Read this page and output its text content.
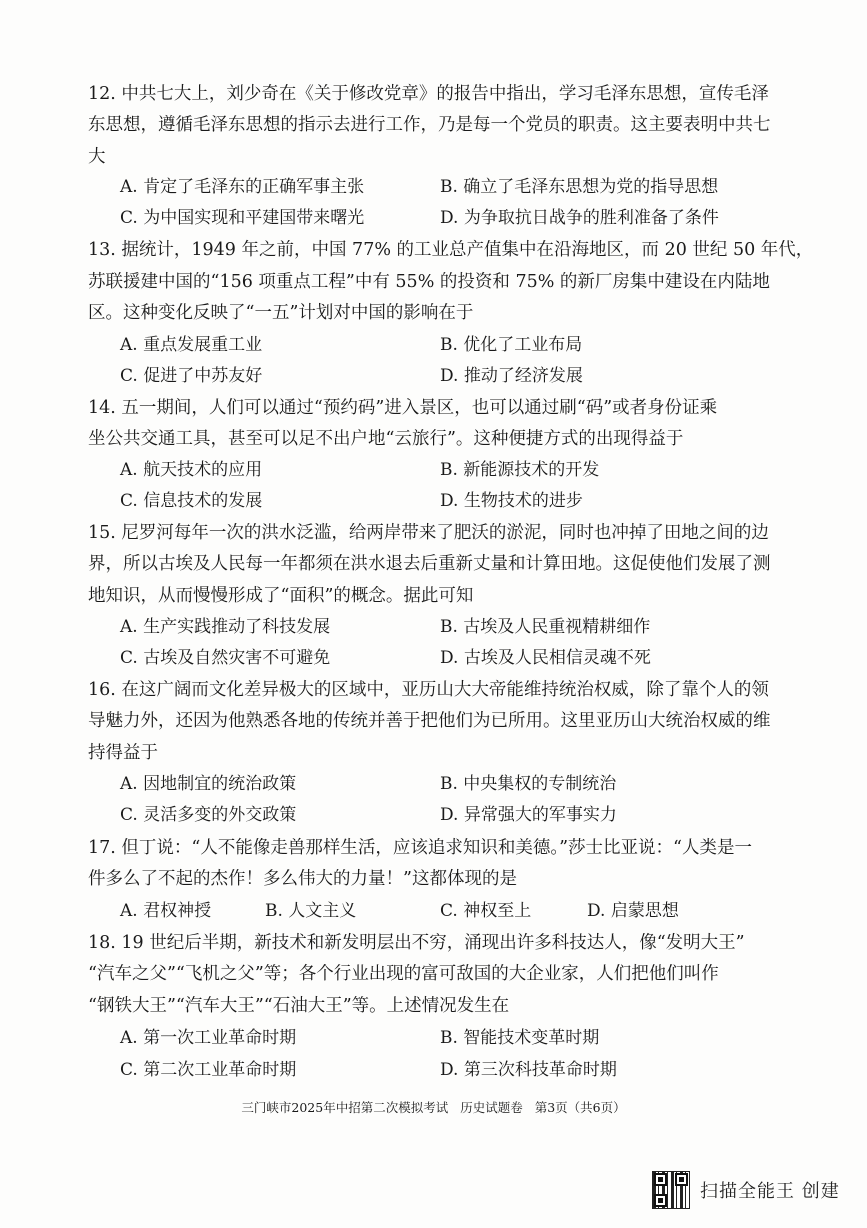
12. 中共七大上，刘少奇在《关于修改党章》的报告中指出，学习毛泽东思想，宣传毛泽
东思想，遵循毛泽东思想的指示去进行工作，乃是每一个党员的职责。这主要表明中共七
大
A. 肯定了毛泽东的正确军事主张	B. 确立了毛泽东思想为党的指导思想
C. 为中国实现和平建国带来曙光	D. 为争取抗日战争的胜利准备了条件
13. 据统计，1949 年之前，中国 77% 的工业总产值集中在沿海地区，而 20 世纪 50 年代，
苏联援建中国的“156 项重点工程”中有 55% 的投资和 75% 的新厂房集中建设在内陆地
区。这种变化反映了“一五”计划对中国的影响在于
A. 重点发展重工业	B. 优化了工业布局
C. 促进了中苏友好	D. 推动了经济发展
14. 五一期间，人们可以通过“预约码”进入景区，也可以通过刷“码”或者身份证乘
坐公共交通工具，甚至可以足不出户地“云旅行”。这种便捷方式的出现得益于
A. 航天技术的应用	B. 新能源技术的开发
C. 信息技术的发展	D. 生物技术的进步
15. 尼罗河每年一次的洪水泛滥，给两岸带来了肥沃的淤泥，同时也冲掉了田地之间的边
界，所以古埃及人民每一年都须在洪水退去后重新丈量和计算田地。这促使他们发展了测
地知识，从而慢慢形成了“面积”的概念。据此可知
A. 生产实践推动了科技发展	B. 古埃及人民重视精耕细作
C. 古埃及自然灾害不可避免	D. 古埃及人民相信灵魂不死
16. 在这广阔而文化差异极大的区域中，亚历山大大帝能维持统治权威，除了靠个人的领
导魅力外，还因为他熟悉各地的传统并善于把他们为已所用。这里亚历山大统治权威的维
持得益于
A. 因地制宜的统治政策	B. 中央集权的专制统治
C. 灵活多变的外交政策	D. 异常强大的军事实力
17. 但丁说：“人不能像走兽那样生活，应该追求知识和美德。”莎士比亚说：“人类是一
件多么了不起的杰作！多么伟大的力量！”这都体现的是
A. 君权神授	B. 人文主义	C. 神权至上	D. 启蒙思想
18. 19 世纪后半期，新技术和新发明层出不穷，涌现出许多科技达人，像“发明大王”
“汽车之父”“飞机之父”等；各个行业出现的富可敌国的大企业家，人们把他们叫作
“钢铁大王”“汽车大王”“石油大王”等。上述情况发生在
A. 第一次工业革命时期	B. 智能技术变革时期
C. 第二次工业革命时期	D. 第三次科技革命时期
三门峡市2025年中招第二次模拟考试 历史试题卷 第3页（共6页）
扫描全能王 创建
